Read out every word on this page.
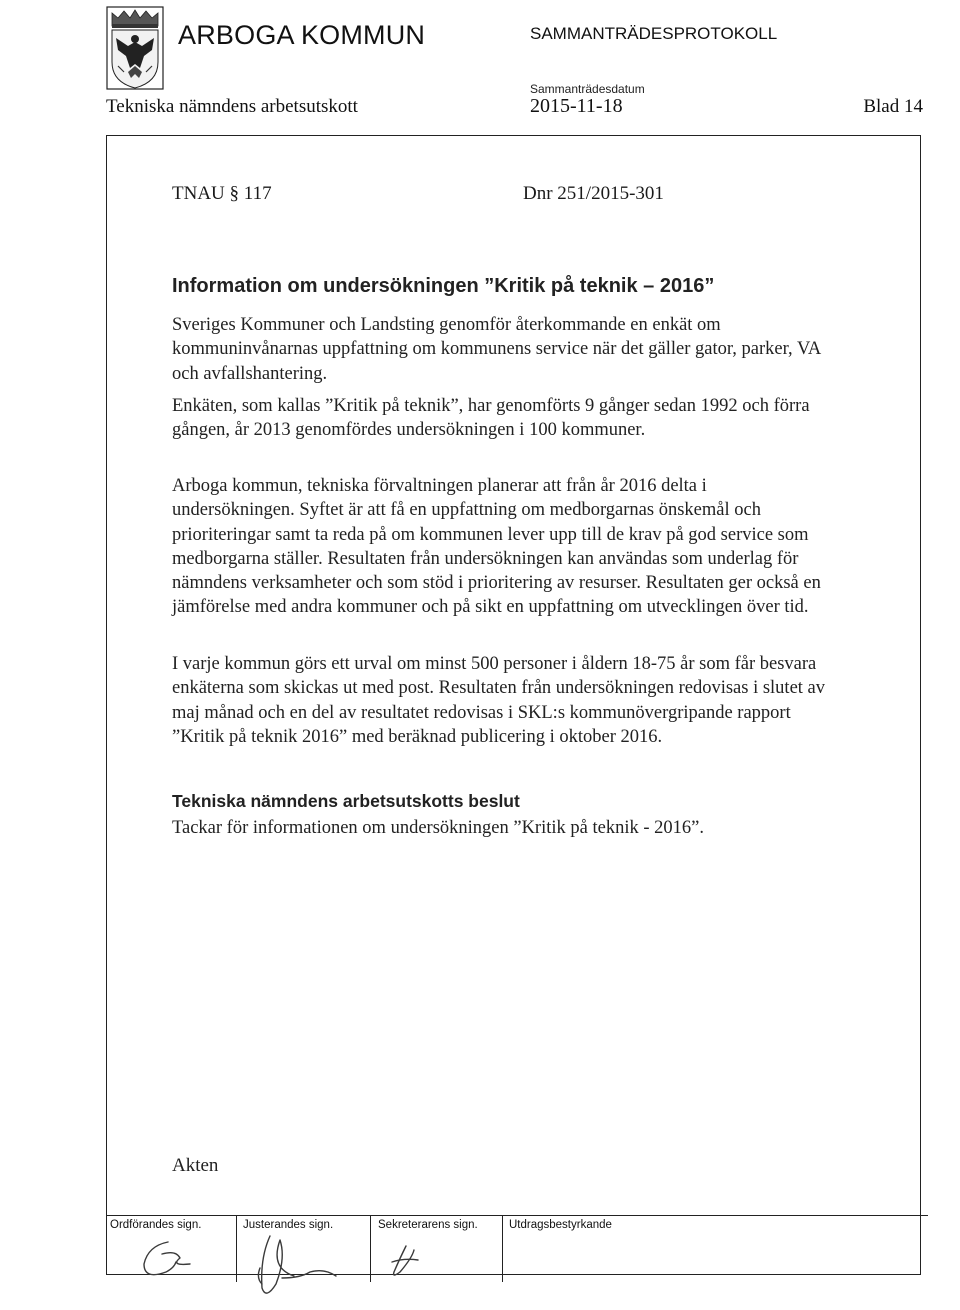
ARBOGA KOMMUN	SAMMANTRÄDESPROTOKOLL
Tekniska nämndens arbetsutskott
Sammanträdesdatum
2015-11-18	Blad 14
TNAU § 117	Dnr 251/2015-301
Information om undersökningen ”Kritik på teknik – 2016”

Sveriges Kommuner och Landsting genomför återkommande en enkät om kommuninvånarnas uppfattning om kommunens service när det gäller gator, parker, VA och avfallshantering.

Enkäten, som kallas ”Kritik på teknik”, har genomförts 9 gånger sedan 1992 och förra gången, år 2013 genomfördes undersökningen i 100 kommuner.

Arboga kommun, tekniska förvaltningen planerar att från år 2016 delta i undersökningen. Syftet är att få en uppfattning om medborgarnas önskemål och prioriteringar samt ta reda på om kommunen lever upp till de krav på god service som medborgarna ställer. Resultaten från undersökningen kan användas som underlag för nämndens verksamheter och som stöd i prioritering av resurser. Resultaten ger också en jämförelse med andra kommuner och på sikt en uppfattning om utvecklingen över tid.

I varje kommun görs ett urval om minst 500 personer i åldern 18-75 år som får besvara enkäterna som skickas ut med post. Resultaten från undersökningen redovisas i slutet av maj månad och en del av resultatet redovisas i SKL:s kommunövergripande rapport ”Kritik på teknik 2016” med beräknad publicering i oktober 2016.

Tekniska nämndens arbetsutskotts beslut
Tackar för informationen om undersökningen ”Kritik på teknik - 2016”.
Akten
Ordförandes sign.	Justerandes sign.	Sekreterarens sign.	Utdragsbestyrkande
